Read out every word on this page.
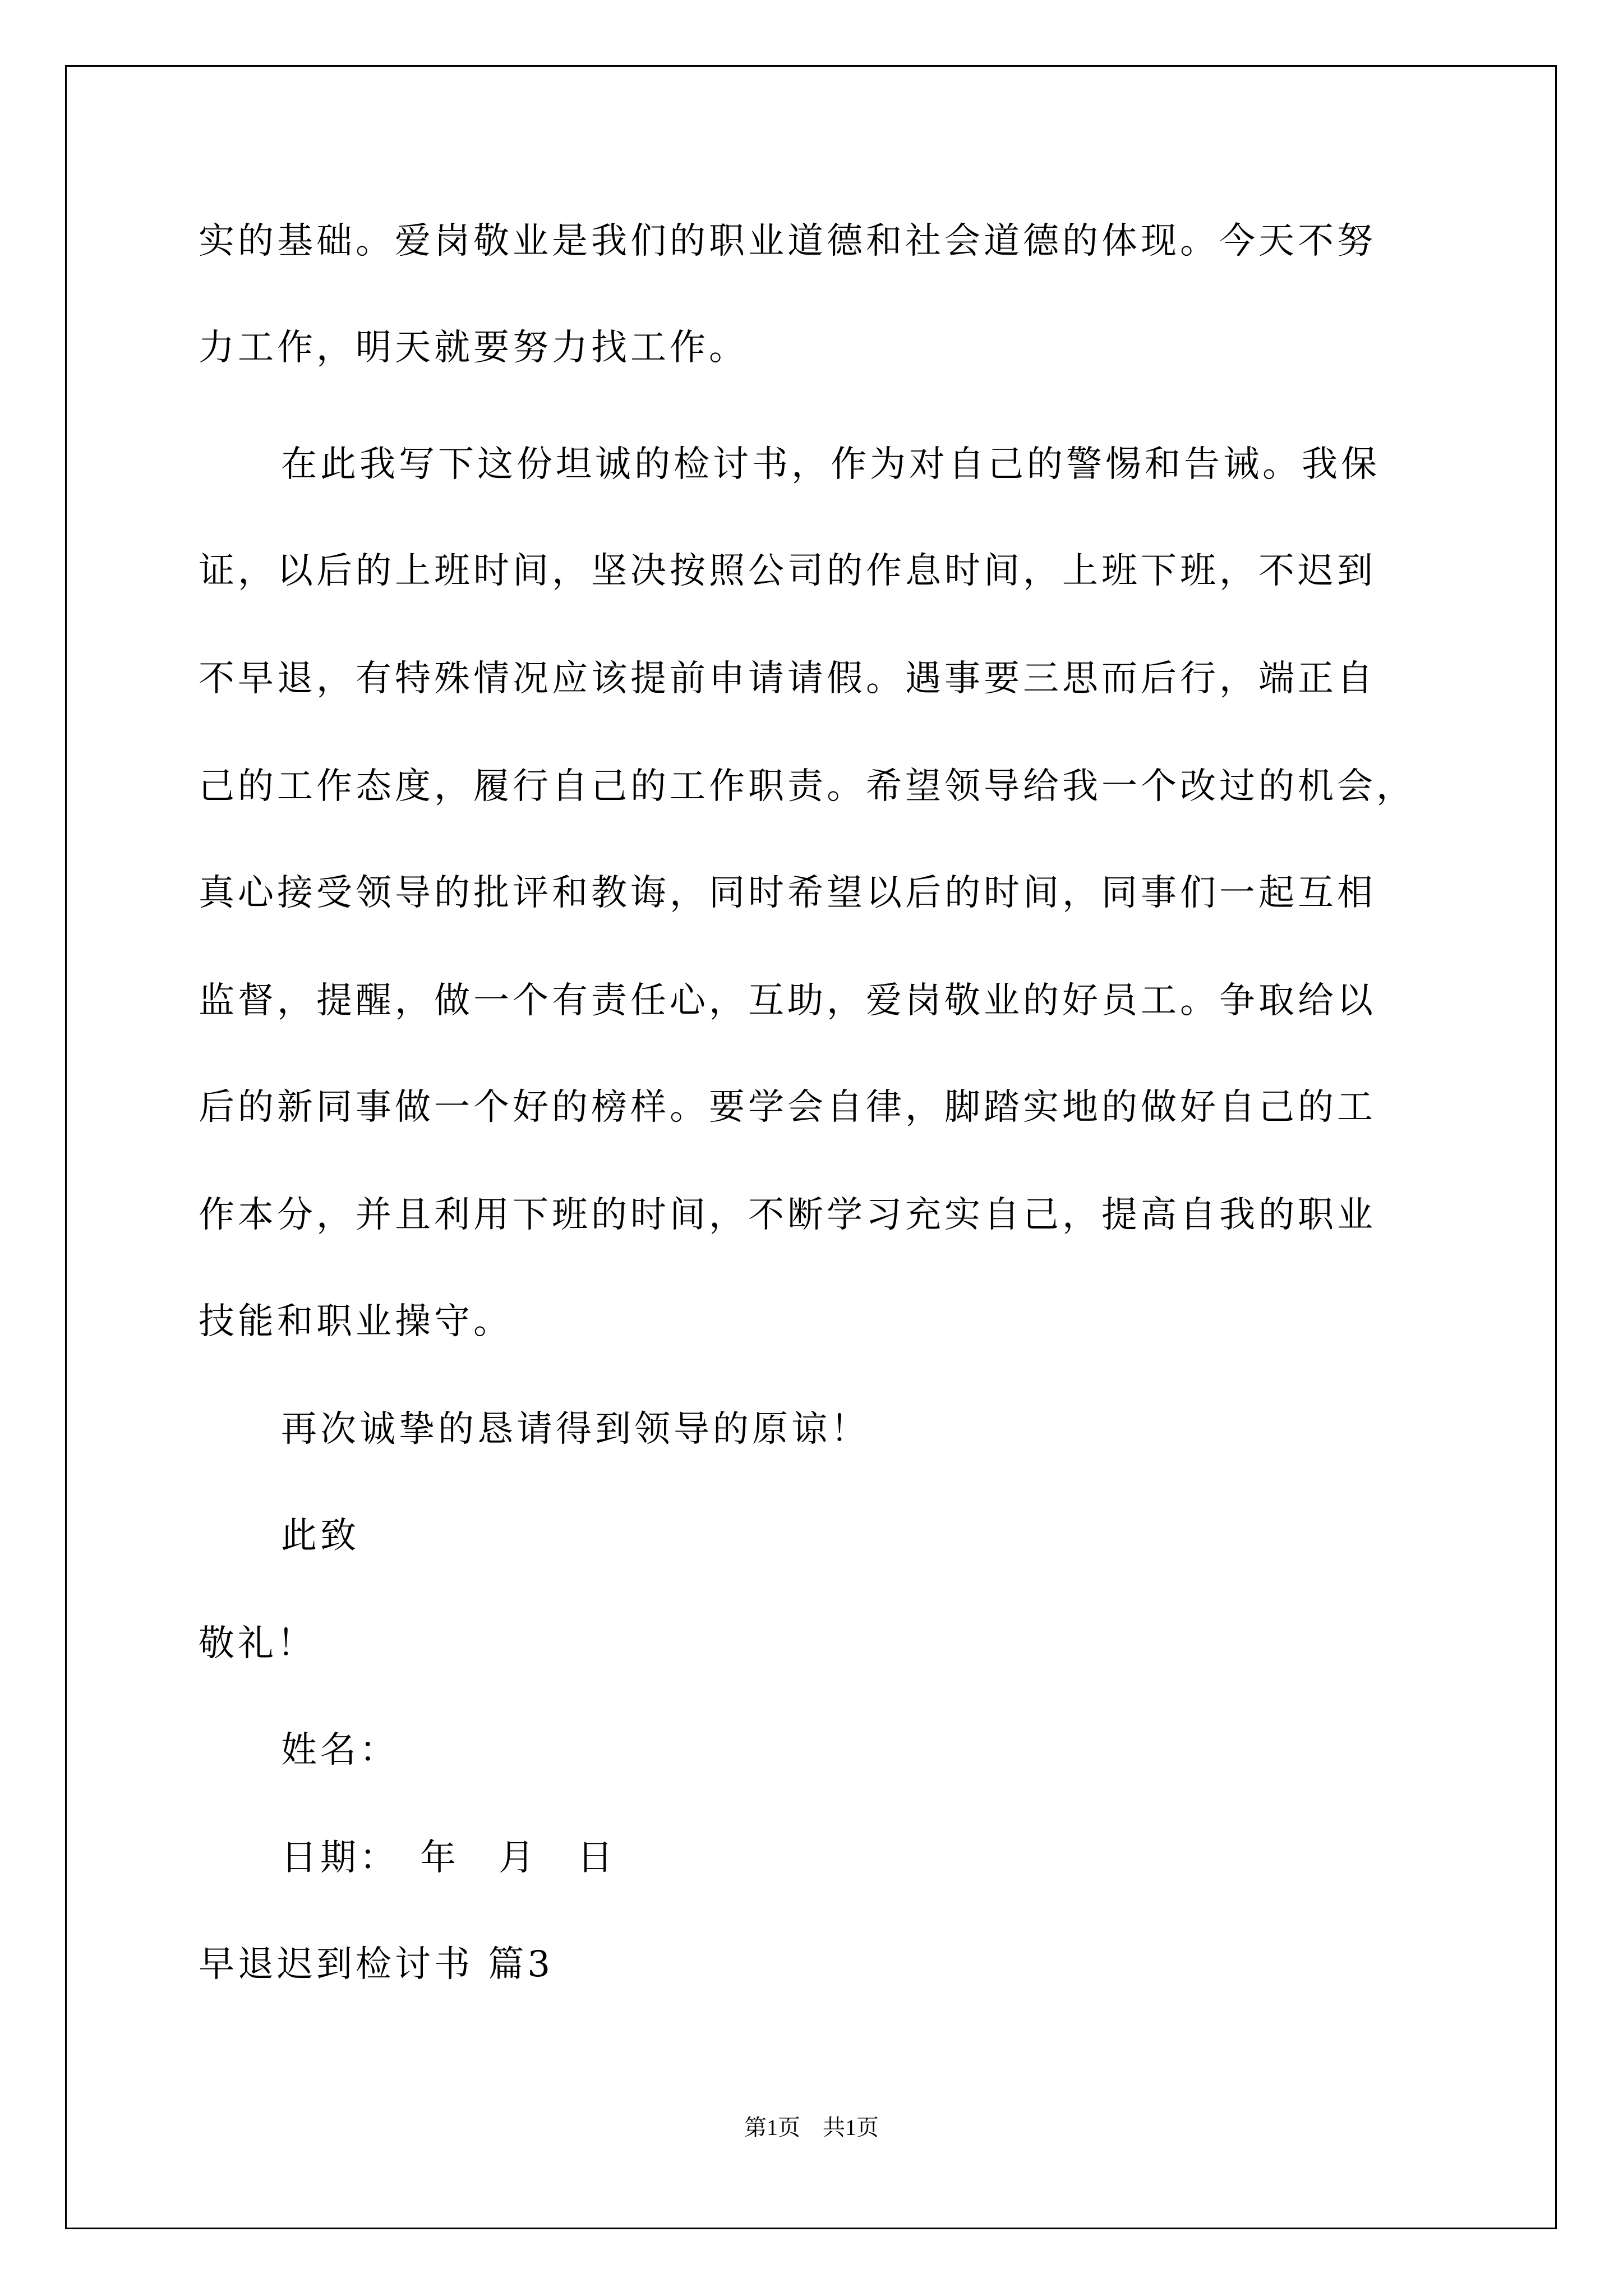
实的基础。爱岗敬业是我们的职业道德和社会道德的体现。今天不努
力工作，明天就要努力找工作。
在此我写下这份坦诚的检讨书，作为对自己的警惕和告诫。我保
证，以后的上班时间，坚决按照公司的作息时间，上班下班，不迟到
不早退，有特殊情况应该提前申请请假。遇事要三思而后行，端正自
己的工作态度，履行自己的工作职责。希望领导给我一个改过的机会，
真心接受领导的批评和教诲，同时希望以后的时间，同事们一起互相
监督，提醒，做一个有责任心，互助，爱岗敬业的好员工。争取给以
后的新同事做一个好的榜样。要学会自律，脚踏实地的做好自己的工
作本分，并且利用下班的时间，不断学习充实自己，提高自我的职业
技能和职业操守。
再次诚挚的恳请得到领导的原谅！
此致
敬礼！
姓名：
日期：　年　月　日
早退迟到检讨书 篇3
第1页　共1页
